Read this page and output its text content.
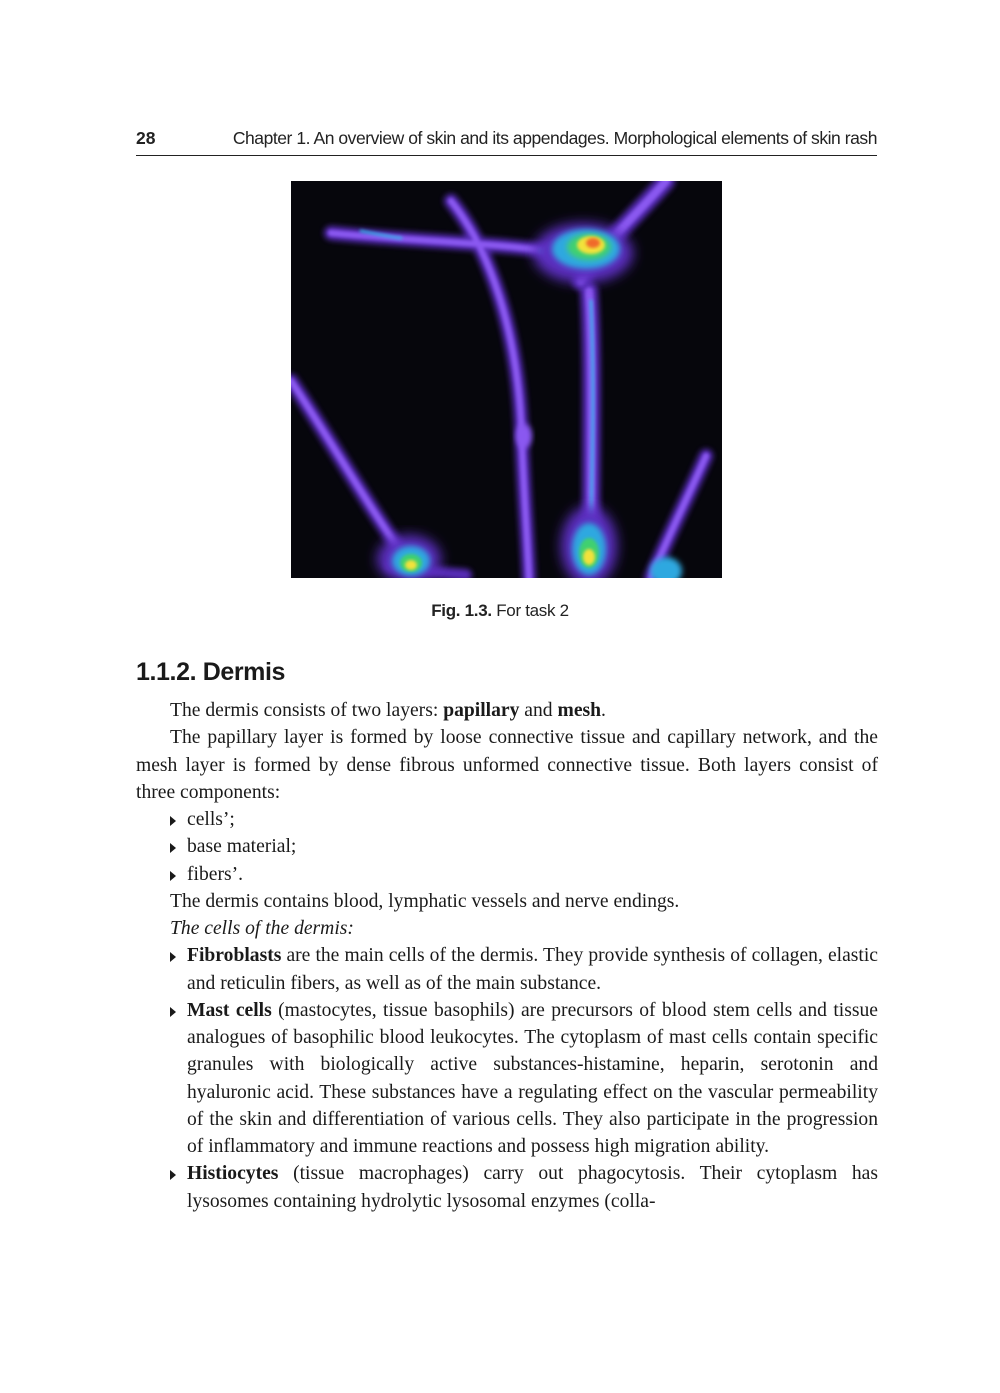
28	Chapter 1. An overview of skin and its appendages. Morphological elements of skin rash
Fig. 1.3. For task 2
1.1.2. Dermis

The dermis consists of two layers: papillary and mesh.

The papillary layer is formed by loose connective tissue and capillary network, and the mesh layer is formed by dense fibrous unformed connective tissue. Both layers consist of three components:

cells’;
base material;
fibers’.

The dermis contains blood, lymphatic vessels and nerve endings.

The cells of the dermis:

Fibroblasts are the main cells of the dermis. They provide synthesis of collagen, elastic and reticulin fibers, as well as of the main substance.
Mast cells (mastocytes, tissue basophils) are precursors of blood stem cells and tissue analogues of basophilic blood leukocytes. The cytoplasm of mast cells contain specific granules with biologically active substances-histamine, heparin, serotonin and hyaluronic acid. These substances have a regulating effect on the vascular permeability of the skin and differentiation of various cells. They also participate in the progression of inflammatory and immune reactions and possess high migration ability.
Histiocytes (tissue macrophages) carry out phagocytosis. Their cytoplasm has lysosomes containing hydrolytic lysosomal enzymes (colla-
